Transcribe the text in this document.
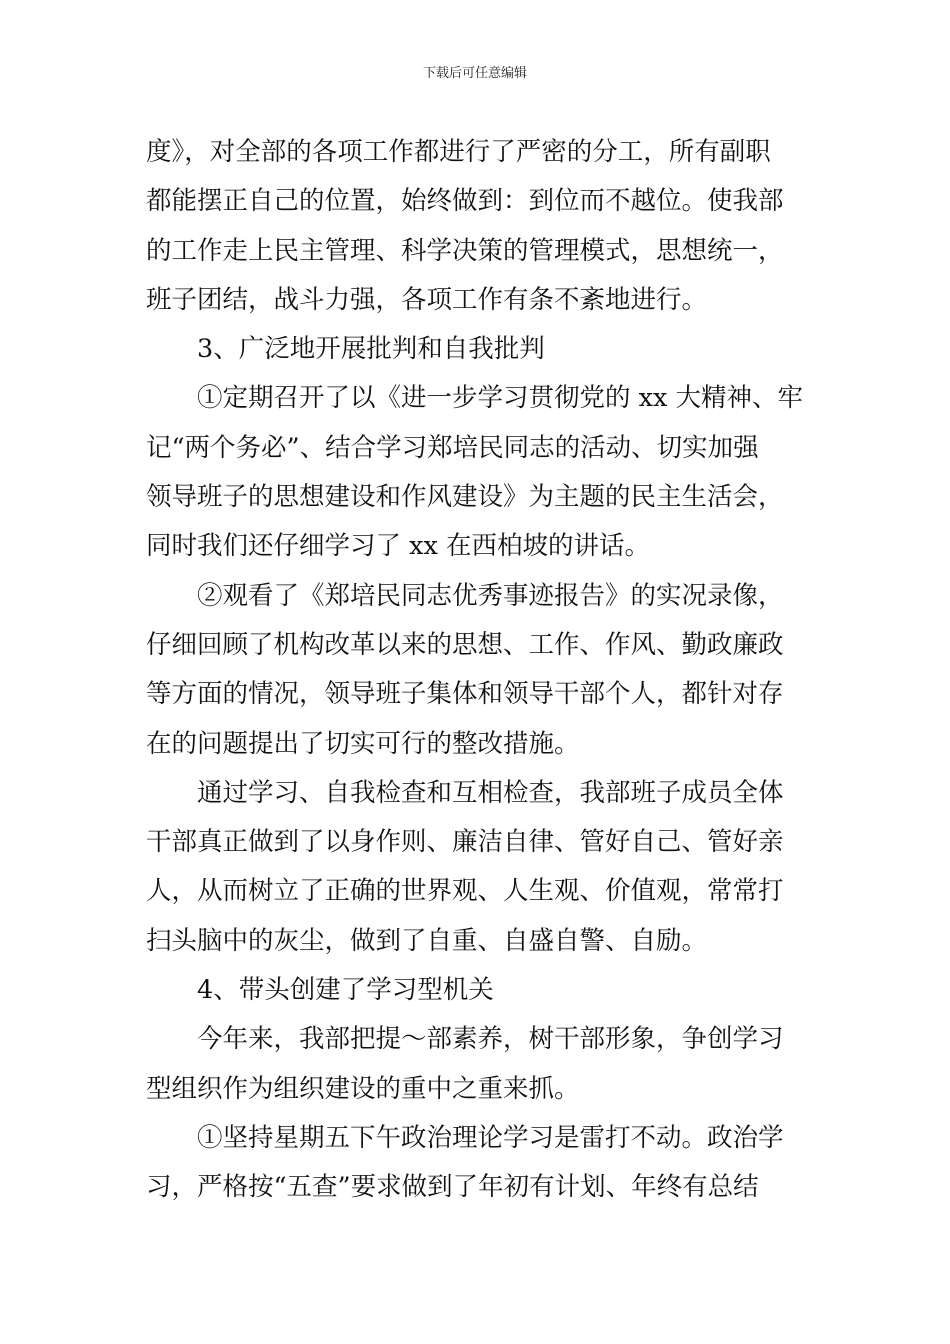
下载后可任意编辑
度》，对全部的各项工作都进行了严密的分工，所有副职
都能摆正自己的位置，始终做到：到位而不越位。使我部
的工作走上民主管理、科学决策的管理模式，思想统一，
班子团结，战斗力强，各项工作有条不紊地进行。
3、广泛地开展批判和自我批判
①定期召开了以《进一步学习贯彻党的 xx 大精神、牢
记“两个务必”、结合学习郑培民同志的活动、切实加强
领导班子的思想建设和作风建设》为主题的民主生活会，
同时我们还仔细学习了 xx 在西柏坡的讲话。
②观看了《郑培民同志优秀事迹报告》的实况录像，
仔细回顾了机构改革以来的思想、工作、作风、勤政廉政
等方面的情况，领导班子集体和领导干部个人，都针对存
在的问题提出了切实可行的整改措施。
通过学习、自我检查和互相检查，我部班子成员全体
干部真正做到了以身作则、廉洁自律、管好自己、管好亲
人，从而树立了正确的世界观、人生观、价值观，常常打
扫头脑中的灰尘，做到了自重、自盛自警、自励。
4、带头创建了学习型机关
今年来，我部把提～部素养，树干部形象，争创学习
型组织作为组织建设的重中之重来抓。
①坚持星期五下午政治理论学习是雷打不动。政治学
习，严格按“五查”要求做到了年初有计划、年终有总结
